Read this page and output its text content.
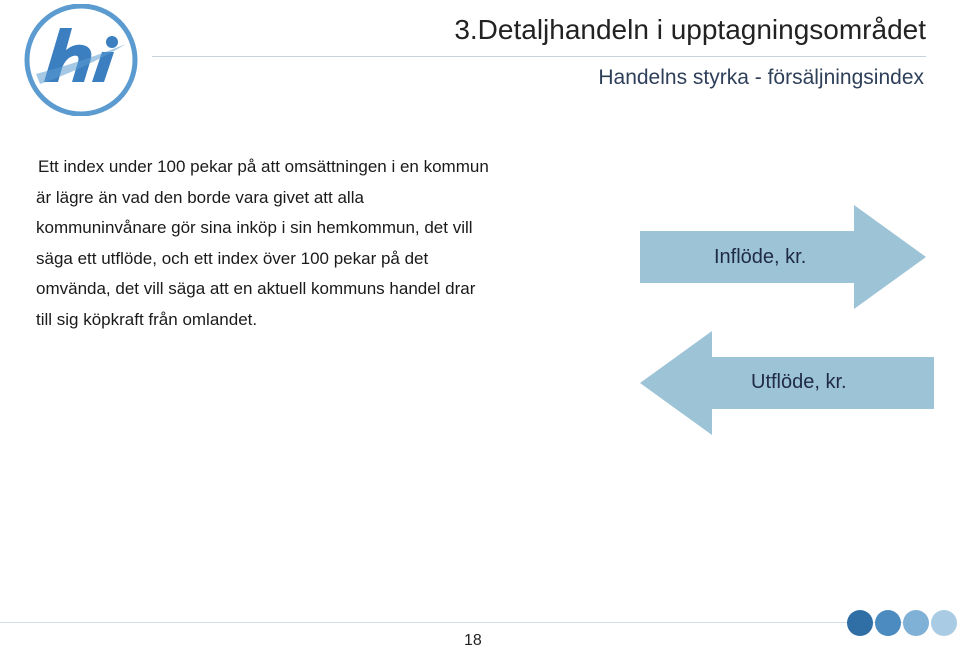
3.Detaljhandeln i upptagningsområdet
Handelns styrka - försäljningsindex
Ett index under 100 pekar på att omsättningen i en kommun
är lägre än vad den borde vara givet att alla
kommuninvånare gör sina inköp i sin hemkommun, det vill
säga ett utflöde, och ett index över 100 pekar på det
omvända, det vill säga att en aktuell kommuns handel drar
till sig köpkraft från omlandet.
Inflöde, kr.
Utflöde, kr.
18
